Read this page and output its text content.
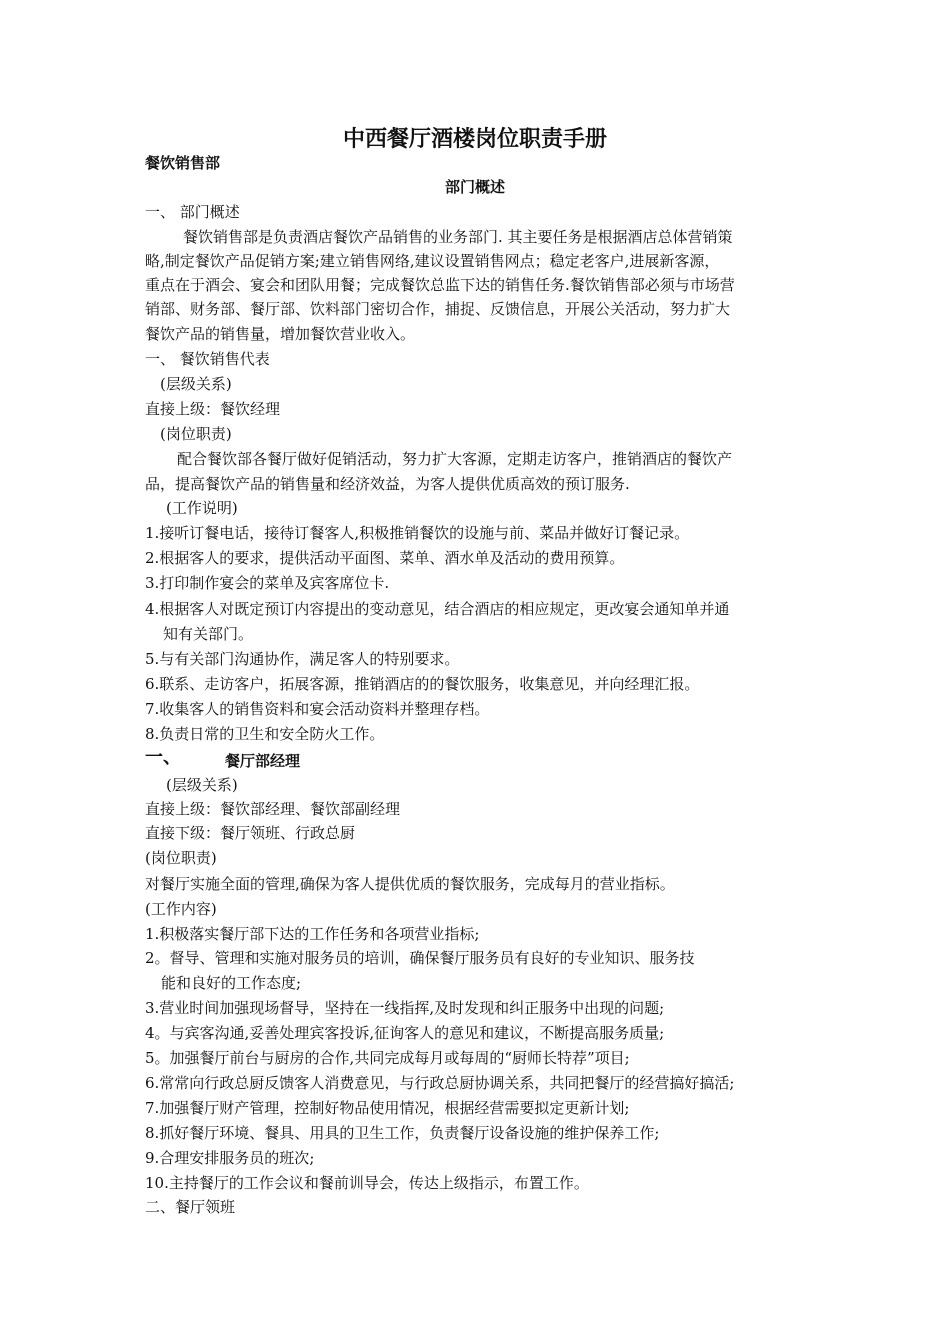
中西餐厅酒楼岗位职责手册
餐饮销售部
部门概述
一、 部门概述
餐饮销售部是负责酒店餐饮产品销售的业务部门. 其主要任务是根据酒店总体营销策
略,制定餐饮产品促销方案;建立销售网络,建议设置销售网点；稳定老客户,进展新客源，
重点在于酒会、宴会和团队用餐；完成餐饮总监下达的销售任务.餐饮销售部必须与市场营
销部、财务部、餐厅部、饮料部门密切合作，捕捉、反馈信息，开展公关活动，努力扩大
餐饮产品的销售量，增加餐饮营业收入。
一、 餐饮销售代表
(层级关系)
直接上级：餐饮经理
(岗位职责)
配合餐饮部各餐厅做好促销活动，努力扩大客源，定期走访客户，推销酒店的餐饮产
品，提高餐饮产品的销售量和经济效益，为客人提供优质高效的预订服务.
(工作说明)
1.接听订餐电话，接待订餐客人,积极推销餐饮的设施与前、菜品并做好订餐记录。
2.根据客人的要求，提供活动平面图、菜单、酒水单及活动的费用预算。
3.打印制作宴会的菜单及宾客席位卡.
4.根据客人对既定预订内容提出的变动意见，结合酒店的相应规定，更改宴会通知单并通
知有关部门。
5.与有关部门沟通协作，满足客人的特别要求。
6.联系、走访客户，拓展客源，推销酒店的的餐饮服务，收集意见，并向经理汇报。
7.收集客人的销售资料和宴会活动资料并整理存档。
8.负责日常的卫生和安全防火工作。
一、	餐厅部经理
(层级关系)
直接上级：餐饮部经理、餐饮部副经理
直接下级：餐厅领班、行政总厨
(岗位职责)
对餐厅实施全面的管理,确保为客人提供优质的餐饮服务，完成每月的营业指标。
(工作内容)
1.积极落实餐厅部下达的工作任务和各项营业指标;
2。督导、管理和实施对服务员的培训，确保餐厅服务员有良好的专业知识、服务技
能和良好的工作态度;
3.营业时间加强现场督导，坚持在一线指挥,及时发现和纠正服务中出现的问题;
4。与宾客沟通,妥善处理宾客投诉,征询客人的意见和建议，不断提高服务质量;
5。加强餐厅前台与厨房的合作,共同完成每月或每周的“厨师长特荐”项目;
6.常常向行政总厨反馈客人消费意见，与行政总厨协调关系，共同把餐厅的经营搞好搞活;
7.加强餐厅财产管理，控制好物品使用情况，根据经营需要拟定更新计划;
8.抓好餐厅环境、餐具、用具的卫生工作，负责餐厅设备设施的维护保养工作;
9.合理安排服务员的班次;
10.主持餐厅的工作会议和餐前训导会，传达上级指示，布置工作。
二、餐厅领班
